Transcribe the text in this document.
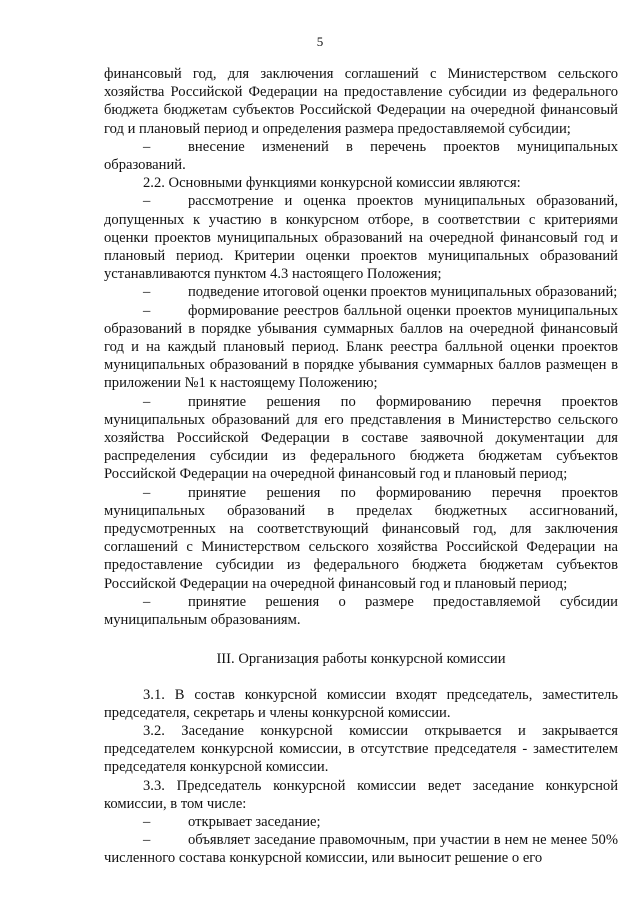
5

финансовый год, для заключения соглашений с Министерством сельского хозяйства Российской Федерации на предоставление субсидии из федерального бюджета бюджетам субъектов Российской Федерации на очередной финансовый год и плановый период и определения размера предоставляемой субсидии;

– внесение изменений в перечень проектов муниципальных образований.

2.2. Основными функциями конкурсной комиссии являются:

– рассмотрение и оценка проектов муниципальных образований, допущенных к участию в конкурсном отборе, в соответствии с критериями оценки проектов муниципальных образований на очередной финансовый год и плановый период. Критерии оценки проектов муниципальных образований устанавливаются пунктом 4.3 настоящего Положения;

– подведение итоговой оценки проектов муниципальных образований;

– формирование реестров балльной оценки проектов муниципальных образований в порядке убывания суммарных баллов на очередной финансовый год и на каждый плановый период. Бланк реестра балльной оценки проектов муниципальных образований в порядке убывания суммарных баллов размещен в приложении №1 к настоящему Положению;

– принятие решения по формированию перечня проектов муниципальных образований для его представления в Министерство сельского хозяйства Российской Федерации в составе заявочной документации для распределения субсидии из федерального бюджета бюджетам субъектов Российской Федерации на очередной финансовый год и плановый период;

– принятие решения по формированию перечня проектов муниципальных образований в пределах бюджетных ассигнований, предусмотренных на соответствующий финансовый год, для заключения соглашений с Министерством сельского хозяйства Российской Федерации на предоставление субсидии из федерального бюджета бюджетам субъектов Российской Федерации на очередной финансовый год и плановый период;

– принятие решения о размере предоставляемой субсидии муниципальным образованиям.

III. Организация работы конкурсной комиссии

3.1. В состав конкурсной комиссии входят председатель, заместитель председателя, секретарь и члены конкурсной комиссии.

3.2. Заседание конкурсной комиссии открывается и закрывается председателем конкурсной комиссии, в отсутствие председателя - заместителем председателя конкурсной комиссии.

3.3. Председатель конкурсной комиссии ведет заседание конкурсной комиссии, в том числе:

– открывает заседание;

– объявляет заседание правомочным, при участии в нем не менее 50% численного состава конкурсной комиссии, или выносит решение о его
